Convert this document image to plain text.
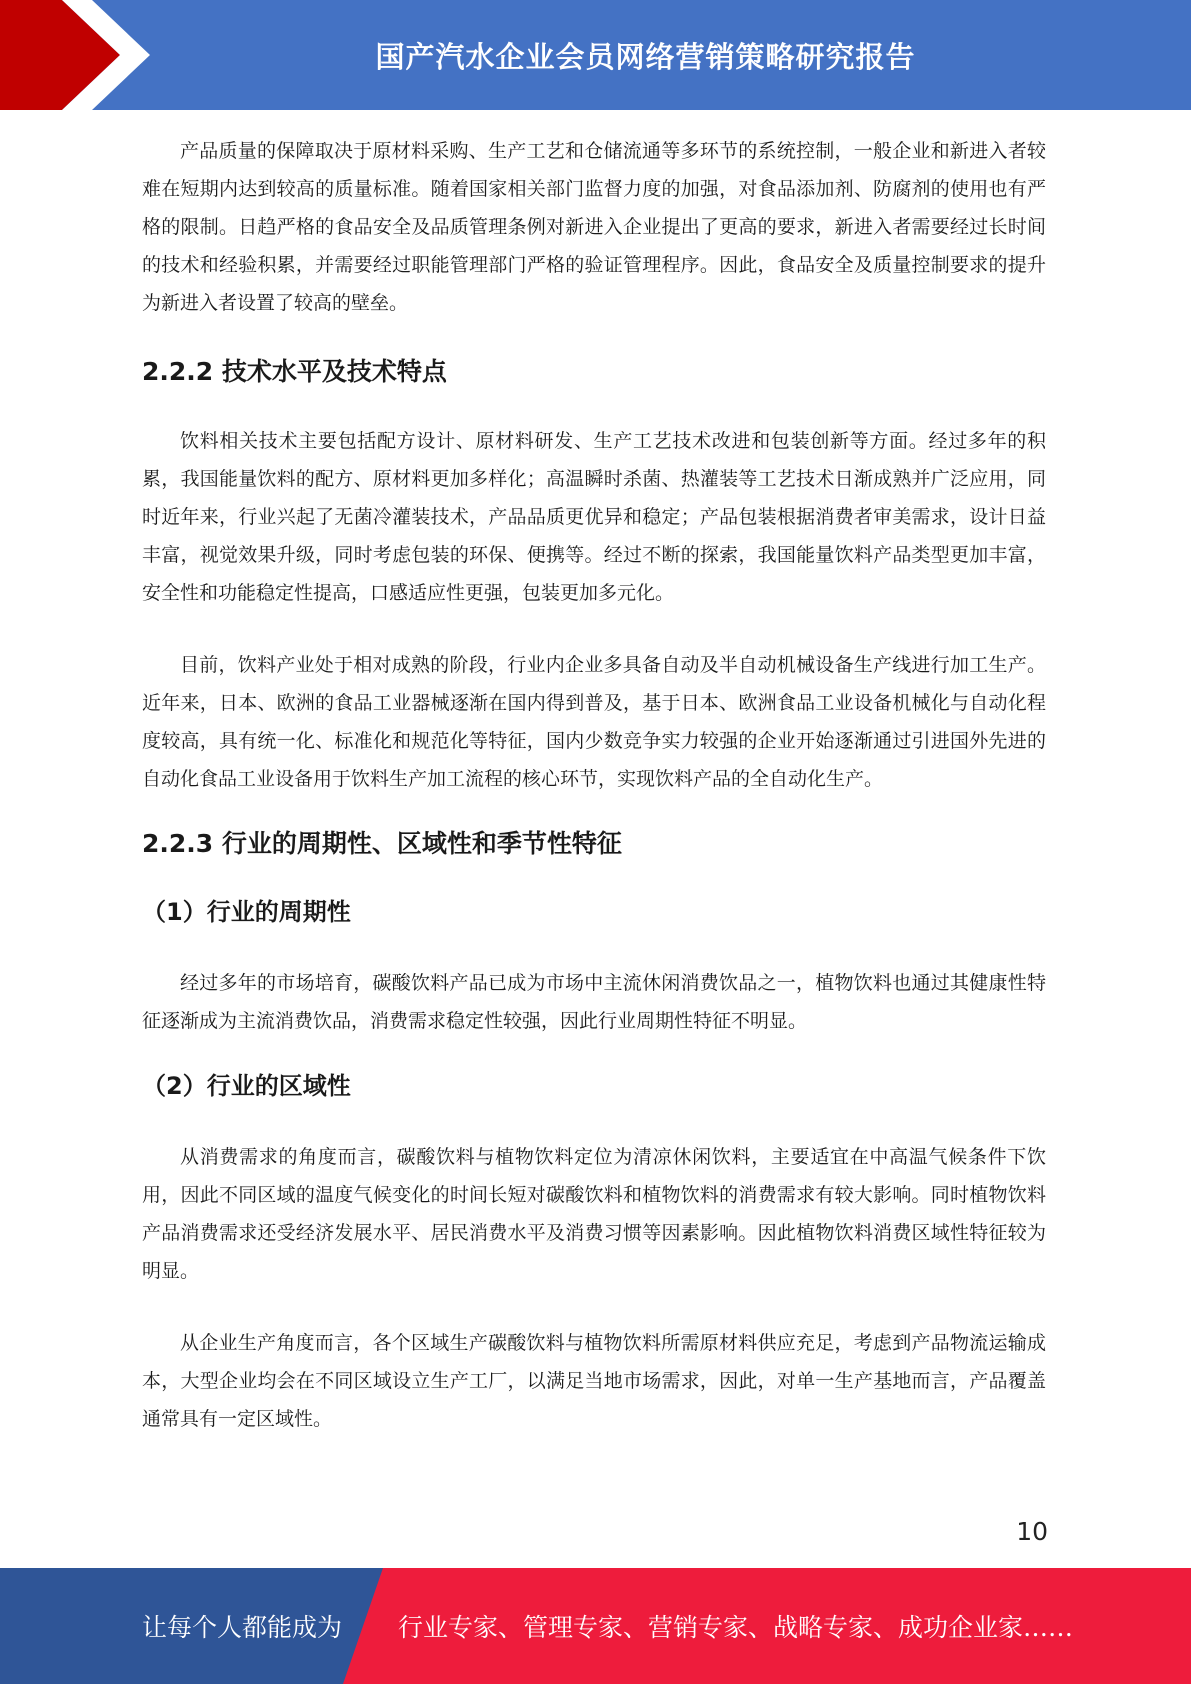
国产汽水企业会员网络营销策略研究报告

产品质量的保障取决于原材料采购、生产工艺和仓储流通等多环节的系统控制，一般企业和新进入者较难在短期内达到较高的质量标准。随着国家相关部门监督力度的加强，对食品添加剂、防腐剂的使用也有严格的限制。日趋严格的食品安全及品质管理条例对新进入企业提出了更高的要求，新进入者需要经过长时间的技术和经验积累，并需要经过职能管理部门严格的验证管理程序。因此，食品安全及质量控制要求的提升为新进入者设置了较高的壁垒。

2.2.2 技术水平及技术特点

饮料相关技术主要包括配方设计、原材料研发、生产工艺技术改进和包装创新等方面。经过多年的积累，我国能量饮料的配方、原材料更加多样化；高温瞬时杀菌、热灌装等工艺技术日渐成熟并广泛应用，同时近年来，行业兴起了无菌冷灌装技术，产品品质更优异和稳定；产品包装根据消费者审美需求，设计日益丰富，视觉效果升级，同时考虑包装的环保、便携等。经过不断的探索，我国能量饮料产品类型更加丰富，安全性和功能稳定性提高，口感适应性更强，包装更加多元化。

目前，饮料产业处于相对成熟的阶段，行业内企业多具备自动及半自动机械设备生产线进行加工生产。近年来，日本、欧洲的食品工业器械逐渐在国内得到普及，基于日本、欧洲食品工业设备机械化与自动化程度较高，具有统一化、标准化和规范化等特征，国内少数竞争实力较强的企业开始逐渐通过引进国外先进的自动化食品工业设备用于饮料生产加工流程的核心环节，实现饮料产品的全自动化生产。

2.2.3 行业的周期性、区域性和季节性特征
（1）行业的周期性

经过多年的市场培育，碳酸饮料产品已成为市场中主流休闲消费饮品之一，植物饮料也通过其健康性特征逐渐成为主流消费饮品，消费需求稳定性较强，因此行业周期性特征不明显。

（2）行业的区域性

从消费需求的角度而言，碳酸饮料与植物饮料定位为清凉休闲饮料，主要适宜在中高温气候条件下饮用，因此不同区域的温度气候变化的时间长短对碳酸饮料和植物饮料的消费需求有较大影响。同时植物饮料产品消费需求还受经济发展水平、居民消费水平及消费习惯等因素影响。因此植物饮料消费区域性特征较为明显。

从企业生产角度而言，各个区域生产碳酸饮料与植物饮料所需原材料供应充足，考虑到产品物流运输成本，大型企业均会在不同区域设立生产工厂，以满足当地市场需求，因此，对单一生产基地而言，产品覆盖通常具有一定区域性。

10
让每个人都能成为 行业专家、管理专家、营销专家、战略专家、成功企业家……
